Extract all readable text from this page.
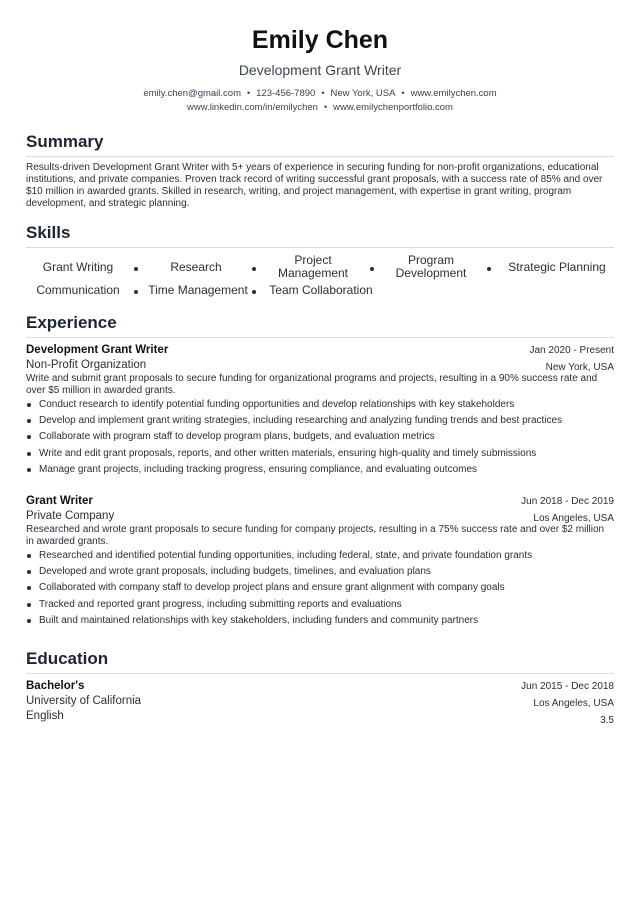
Emily Chen
Development Grant Writer
emily.chen@gmail.com • 123-456-7890 • New York, USA • www.emilychen.com
www.linkedin.com/in/emilychen • www.emilychenportfolio.com
Summary
Results-driven Development Grant Writer with 5+ years of experience in securing funding for non-profit organizations, educational institutions, and private companies. Proven track record of writing successful grant proposals, with a success rate of 85% and over $10 million in awarded grants. Skilled in research, writing, and project management, with expertise in grant writing, program development, and strategic planning.
Skills
Grant Writing	Research	Project Management
Program Development	Strategic Planning
Communication	Time Management	Team Collaboration
Experience
Development Grant Writer	Jan 2020 - Present
Non-Profit Organization	New York, USA
Write and submit grant proposals to secure funding for organizational programs and projects, resulting in a 90% success rate and over $5 million in awarded grants.
Conduct research to identify potential funding opportunities and develop relationships with key stakeholders
Develop and implement grant writing strategies, including researching and analyzing funding trends and best practices
Collaborate with program staff to develop program plans, budgets, and evaluation metrics
Write and edit grant proposals, reports, and other written materials, ensuring high-quality and timely submissions
Manage grant projects, including tracking progress, ensuring compliance, and evaluating outcomes
Grant Writer	Jun 2018 - Dec 2019
Private Company	Los Angeles, USA
Researched and wrote grant proposals to secure funding for company projects, resulting in a 75% success rate and over $2 million in awarded grants.
Researched and identified potential funding opportunities, including federal, state, and private foundation grants
Developed and wrote grant proposals, including budgets, timelines, and evaluation plans
Collaborated with company staff to develop project plans and ensure grant alignment with company goals
Tracked and reported grant progress, including submitting reports and evaluations
Built and maintained relationships with key stakeholders, including funders and community partners
Education
Bachelor's	Jun 2015 - Dec 2018
University of California	Los Angeles, USA
English	3.5
